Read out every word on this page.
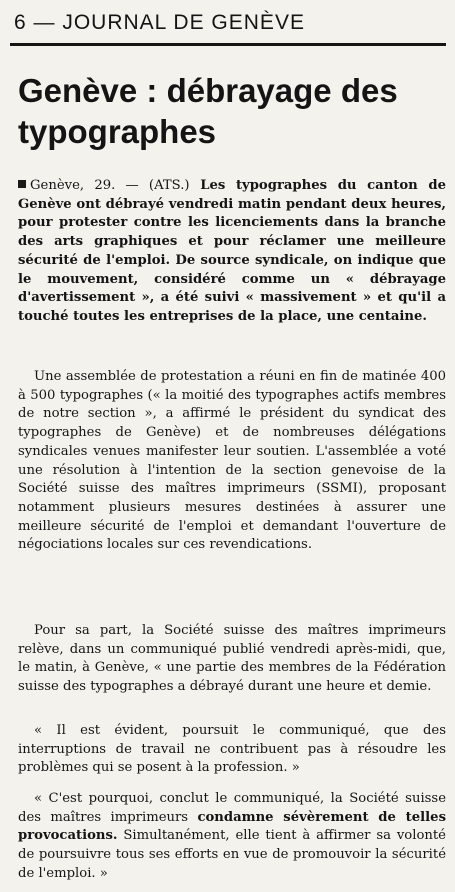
6 — JOURNAL DE GENÈVE
Genève : débrayage des typographes

Genève, 29. — (ATS.) Les typographes du canton de Genève ont débrayé vendredi matin pendant deux heures, pour protester contre les licenciements dans la branche des arts graphiques et pour réclamer une meilleure sécurité de l'emploi. De source syndicale, on indique que le mouvement, considéré comme un « débrayage d'avertissement », a été suivi « massivement » et qu'il a touché toutes les entreprises de la place, une centaine.

Une assemblée de protestation a réuni en fin de matinée 400 à 500 typographes (« la moitié des typographes actifs membres de notre section », a affirmé le président du syndicat des typographes de Genève) et de nombreuses délégations syndicales venues manifester leur soutien. L'assemblée a voté une résolution à l'intention de la section genevoise de la Société suisse des maîtres imprimeurs (SSMI), proposant notamment plusieurs mesures destinées à assurer une meilleure sécurité de l'emploi et demandant l'ouverture de négociations locales sur ces revendications.

Pour sa part, la Société suisse des maîtres imprimeurs relève, dans un communiqué publié vendredi après-midi, que, le matin, à Genève, « une partie des membres de la Fédération suisse des typographes a débrayé durant une heure et demie.

« Il est évident, poursuit le communiqué, que des interruptions de travail ne contribuent pas à résoudre les problèmes qui se posent à la profession. »

« C'est pourquoi, conclut le communiqué, la Société suisse des maîtres imprimeurs condamne sévèrement de telles provocations. Simultanément, elle tient à affirmer sa volonté de poursuivre tous ses efforts en vue de promouvoir la sécurité de l'emploi. »
